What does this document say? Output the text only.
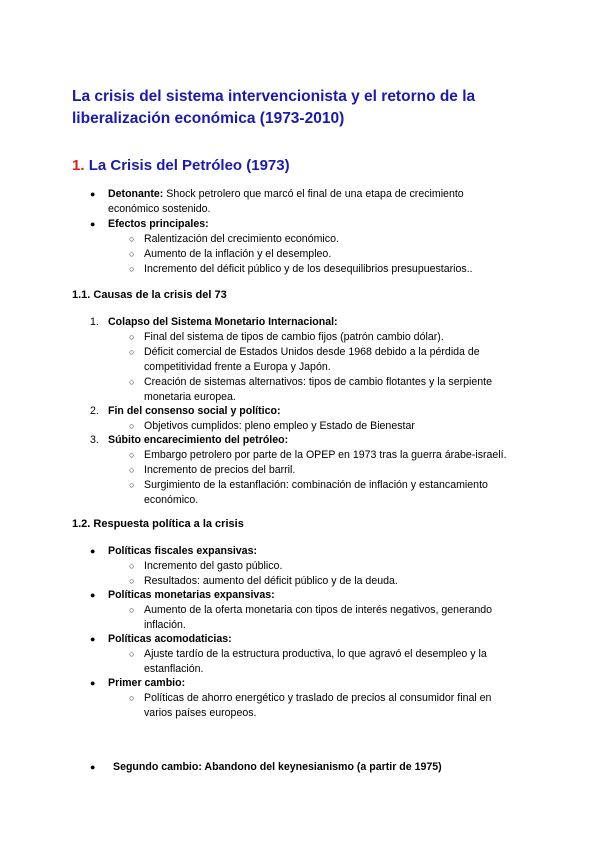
La crisis del sistema intervencionista y el retorno de la liberalización económica (1973-2010)
1. La Crisis del Petróleo (1973)
● Detonante: Shock petrolero que marcó el final de una etapa de crecimiento
económico sostenido.
● Efectos principales:
○ Ralentización del crecimiento económico.
○ Aumento de la inflación y el desempleo.
○ Incremento del déficit público y de los desequilibrios presupuestarios..
1.1. Causas de la crisis del 73
1. Colapso del Sistema Monetario Internacional:
○ Final del sistema de tipos de cambio fijos (patrón cambio dólar).
○ Déficit comercial de Estados Unidos desde 1968 debido a la pérdida de
competitividad frente a Europa y Japón.
○ Creación de sistemas alternativos: tipos de cambio flotantes y la serpiente
monetaria europea.
2. Fin del consenso social y político:
○ Objetivos cumplidos: pleno empleo y Estado de Bienestar
3. Súbito encarecimiento del petróleo:
○ Embargo petrolero por parte de la OPEP en 1973 tras la guerra árabe-israelí.
○ Incremento de precios del barril.
○ Surgimiento de la estanflación: combinación de inflación y estancamiento
económico.
1.2. Respuesta política a la crisis
● Políticas fiscales expansivas:
○ Incremento del gasto público.
○ Resultados: aumento del déficit público y de la deuda.
● Políticas monetarias expansivas:
○ Aumento de la oferta monetaria con tipos de interés negativos, generando
inflación.
● Políticas acomodaticias:
○ Ajuste tardío de la estructura productiva, lo que agravó el desempleo y la
estanflación.
● Primer cambio:
○ Políticas de ahorro energético y traslado de precios al consumidor final en
varios países europeos.
● Segundo cambio: Abandono del keynesianismo (a partir de 1975)
